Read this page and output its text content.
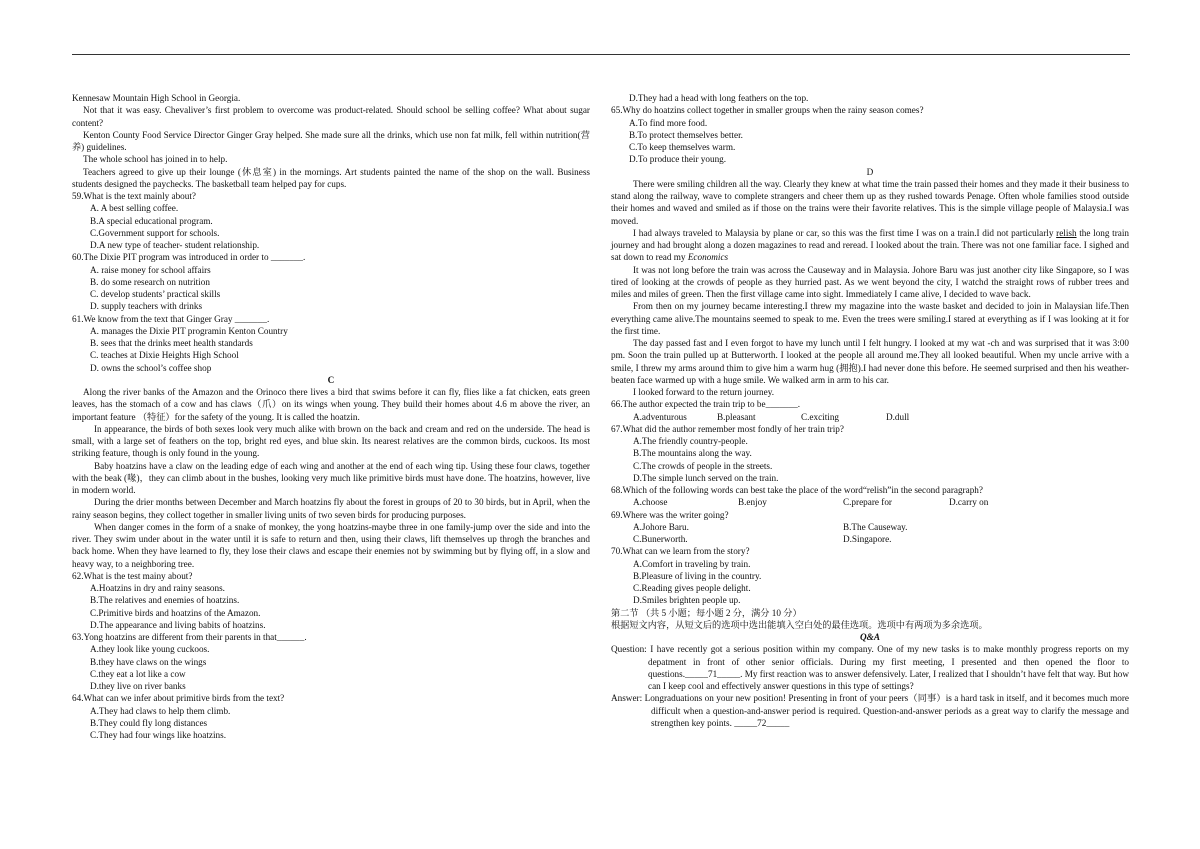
Kennesaw Mountain High School in Georgia.

Not that it was easy. Chevaliver’s first problem to overcome was product-related. Should school be selling coffee? What about sugar content?

Kenton County Food Service Director Ginger Gray helped. She made sure all the drinks, which use non fat milk, fell within nutrition(营养) guidelines.

The whole school has joined in to help.

Teachers agreed to give up their lounge (休息室) in the mornings. Art students painted the name of the shop on the wall. Business students designed the paychecks. The basketball team helped pay for cups.

59.What is the text mainly about?

A. A best selling coffee.

B.A special educational program.

C.Government support for schools.

D.A new type of teacher- student relationship.

60.The Dixie PIT program was introduced in order to _______.

A. raise money for school affairs

B. do some research on nutrition

C. develop students’ practical skills

D. supply teachers with drinks

61.We know from the text that Ginger Gray _______.

A. manages the Dixie PIT programin Kenton Country

B. sees that the drinks meet health standards

C. teaches at Dixie Heights High School

D. owns the school’s coffee shop

C

Along the river banks of the Amazon and the Orinoco there lives a bird that swims before it can fly, flies like a fat chicken, eats green leaves, has the stomach of a cow and has claws（爪）on its wings when young. They build their homes about 4.6 m above the river, an important feature （特征）for the safety of the young. It is called the hoatzin.

In appearance, the birds of both sexes look very much alike with brown on the back and cream and red on the underside. The head is small, with a large set of feathers on the top, bright red eyes, and blue skin. Its nearest relatives are the common birds, cuckoos. Its most striking feature, though is only found in the young.

Baby hoatzins have a claw on the leading edge of each wing and another at the end of each wing tip. Using these four claws, together with the beak (喙)，they can climb about in the bushes, looking very much like primitive birds must have done. The hoatzins, however, live in modern world.

During the drier months between December and March hoatzins fly about the forest in groups of 20 to 30 birds, but in April, when the rainy season begins, they collect together in smaller living units of two seven birds for producing purposes.

When danger comes in the form of a snake of monkey, the yong hoatzins-maybe three in one family-jump over the side and into the river. They swim under about in the water until it is safe to return and then, using their claws, lift themselves up throgh the branches and back home. When they have learned to fly, they lose their claws and escape their enemies not by swimming but by flying off, in a slow and heavy way, to a neighboring tree.

62.What is the test mainy about?

A.Hoatzins in dry and rainy seasons.

B.The relatives and enemies of hoatzins.

C.Primitive birds and hoatzins of the Amazon.

D.The appearance and living babits of hoatzins.

63.Yong hoatzins are different from their parents in that______.

A.they look like young cuckoos.

B.they have claws on the wings

C.they eat a lot like a cow

D.they live on river banks

64.What can we infer about primitive birds from the text?

A.They had claws to help them climb.

B.They could fly long distances

C.They had four wings like hoatzins.

D.They had a head with long feathers on the top.

65.Why do hoatzins collect together in smaller groups when the rainy season comes?

A.To find more food.

B.To protect themselves better.

C.To keep themselves warm.

D.To produce their young.

D

There were smiling children all the way. Clearly they knew at what time the train passed their homes and they made it their business to stand along the railway, wave to complete strangers and cheer them up as they rushed towards Penage. Often whole families stood outside their homes and waved and smiled as if those on the trains were their favorite relatives. This is the simple village people of Malaysia.I was moved.

I had always traveled to Malaysia by plane or car, so this was the first time I was on a train.I did not particularly relish the long train journey and had brought along a dozen magazines to read and reread. I looked about the train. There was not one familiar face. I sighed and sat down to read my Economics

It was not long before the train was across the Causeway and in Malaysia. Johore Baru was just another city like Singapore, so I was tired of looking at the crowds of people as they hurried past. As we went beyond the city, I watchd the straight rows of rubber trees and miles and miles of green. Then the first village came into sight. Immediately I came alive, I decided to wave back.

From then on my journey became interesting.I threw my magazine into the waste basket and decided to join in Malaysian life.Then everything came alive.The mountains seemed to speak to me. Even the trees were smiling.I stared at everything as if I was looking at it for the first time.

The day passed fast and I even forgot to have my lunch until I felt hungry. I looked at my wat -ch and was surprised that it was 3:00 pm. Soon the train pulled up at Butterworth. I looked at the people all around me.They all looked beautiful. When my uncle arrive with a smile, I threw my arms around thim to give him a warm hug (拥抱).I had never done this before. He seemed surprised and then his weather-beaten face warmed up with a huge smile. We walked arm in arm to his car.

I looked forward to the return journey.

66.The author expected the train trip to be_______.

A.adventurous	B.pleasant	C.exciting	D.dull

67.What did the author remember most fondly of her train trip?

A.The friendly country-people.

B.The mountains along the way.

C.The crowds of people in the streets.

D.The simple lunch served on the train.

68.Which of the following words can best take the place of the word“relish”in the second paragraph?

A.choose	B.enjoy	C.prepare for	D.carry on

69.Where was the writer going?

A.Johore Baru.	B.The Causeway.
C.Bunerworth.	D.Singapore.

70.What can we learn from the story?

A.Comfort in traveling by train.

B.Pleasure of living in the country.

C.Reading gives people delight.

D.Smiles brighten people up.

第二节 （共 5 小题；每小题 2 分，满分 10 分）

根据短文内容，从短文后的选项中选出能填入空白处的最佳选项。选项中有两项为多余选项。

Q&A

Question: I have recently got a serious position within my company. One of my new tasks is to make monthly progress reports on my depatment in front of other senior officials. During my first meeting, I presented and then opened the floor to questions._____71_____. My first reaction was to answer defensively. Later, I realized that I shouldn’t have felt that way. But how can I keep cool and effectively answer questions in this type of settings?

Answer: Longraduations on your new position! Presenting in front of your peers（同事）is a hard task in itself, and it becomes much more difficult when a question-and-answer period is required. Question-and-answer periods as a great way to clarify the message and strengthen key points. _____72_____
